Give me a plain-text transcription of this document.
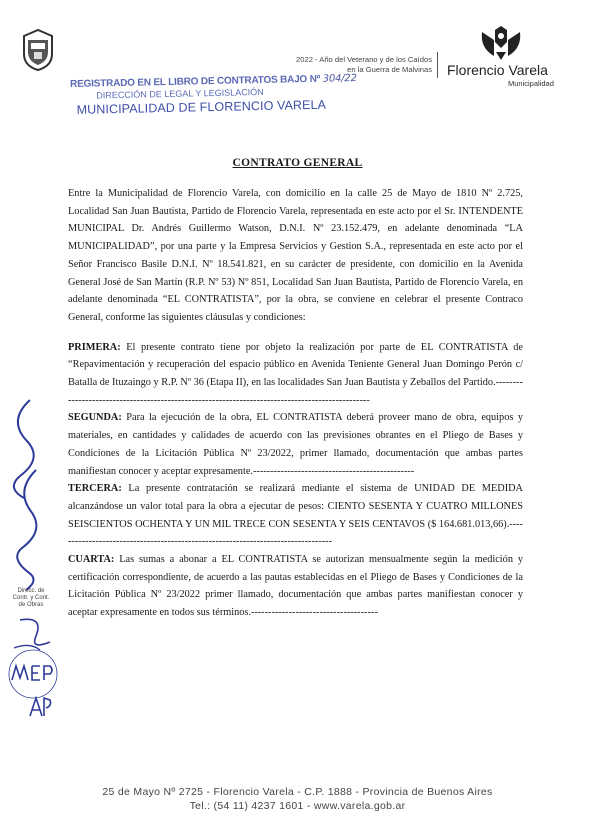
2022 - Año del Veterano y de los Caídos
en la Guerra de Malvinas Florencio Varela
Municipalidad
REGISTRADO EN EL LIBRO DE CONTRATOS BAJO Nº 304/22
DIRECCIÓN DE LEGAL Y LEGISLACIÓN
MUNICIPALIDAD DE FLORENCIO VARELA
CONTRATO GENERAL

Entre la Municipalidad de Florencio Varela, con domicilio en la calle 25 de Mayo de 1810 Nº 2.725, Localidad San Juan Bautista, Partido de Florencio Varela, representada en este acto por el Sr. INTENDENTE MUNICIPAL Dr. Andrés Guillermo Watson, D.N.I. Nº 23.152.479, en adelante denominada “LA MUNICIPALIDAD”, por una parte y la Empresa Servicios y Gestion S.A., representada en este acto por el Señor Francisco Basile D.N.I. Nº 18.541.821, en su carácter de presidente, con domicilio en la Avenida General José de San Martín (R.P. Nº 53) Nº 851, Localidad San Juan Bautista, Partido de Florencio Varela, en adelante denominada “EL CONTRATISTA”, por la obra, se conviene en celebrar el presente Contraco General, conforme las siguientes cláusulas y condiciones:

PRIMERA: El presente contrato tiene por objeto la realización por parte de EL CONTRATISTA de “Repavimentación y recuperación del espacio público en Avenida Teniente General Juan Domingo Perón c/ Batalla de Ituzaingo y R.P. Nº 36 (Etapa II), en las localidades San Juan Bautista y Zeballos del Partido.------------------------------------------------------------------------------------------------

SEGUNDA: Para la ejecución de la obra, EL CONTRATISTA deberá proveer mano de obra, equipos y materiales, en cantidades y calidades de acuerdo con las previsiones obrantes en el Pliego de Bases y Condiciones de la Licitación Pública Nº 23/2022, primer llamado, documentación que ambas partes manifiestan conocer y aceptar expresamente.-----------------------------------------------

TERCERA: La presente contratación se realizará mediante el sistema de UNIDAD DE MEDIDA alcanzándose un valor total para la obra a ejecutar de pesos: CIENTO SESENTA Y CUATRO MILLONES SEISCIENTOS OCHENTA Y UN MIL TRECE CON SESENTA Y SEIS CENTAVOS ($ 164.681.013,66).---------------------------------------------------------------------------------

CUARTA: Las sumas a abonar a EL CONTRATISTA se autorizan mensualmente según la medición y certificación correspondiente, de acuerdo a las pautas establecidas en el Pliego de Bases y Condiciones de la Licitación Pública Nº 23/2022 primer llamado, documentación que ambas partes manifiestan conocer y aceptar expresamente en todos sus términos.-------------------------------------

Direcc. de
Contr. y Cont.
de Obras
25 de Mayo Nº 2725 - Florencio Varela - C.P. 1888 - Provincia de Buenos Aires
Tel.: (54 11) 4237 1601 - www.varela.gob.ar
